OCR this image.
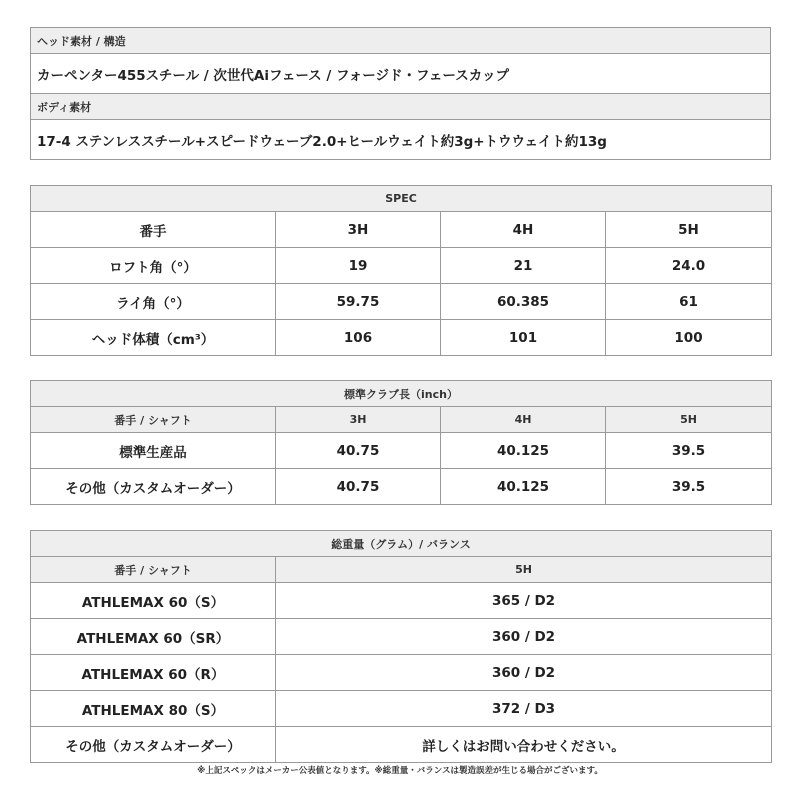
ヘッド素材 / 構造
カーペンター455スチール / 次世代Aiフェース / フォージド・フェースカップ
ボディ素材
17-4 ステンレススチール+スピードウェーブ2.0+ヒールウェイト約3g+トウウェイト約13g
SPEC			
番手	3H	4H	5H
ロフト角（°）	19	21	24.0
ライ角（°）	59.75	60.385	61
ヘッド体積（cm³）	106	101	100
標準クラブ長（inch）			
番手 / シャフト	3H	4H	5H
標準生産品	40.75	40.125	39.5
その他（カスタムオーダー）	40.75	40.125	39.5
総重量（グラム）/ バランス	
番手 / シャフト	5H
ATHLEMAX 60（S）	365 / D2
ATHLEMAX 60（SR）	360 / D2
ATHLEMAX 60（R）	360 / D2
ATHLEMAX 80（S）	372 / D3
その他（カスタムオーダー）	詳しくはお問い合わせください。
※上記スペックはメーカー公表値となります。※総重量・バランスは製造誤差が生じる場合がございます。
